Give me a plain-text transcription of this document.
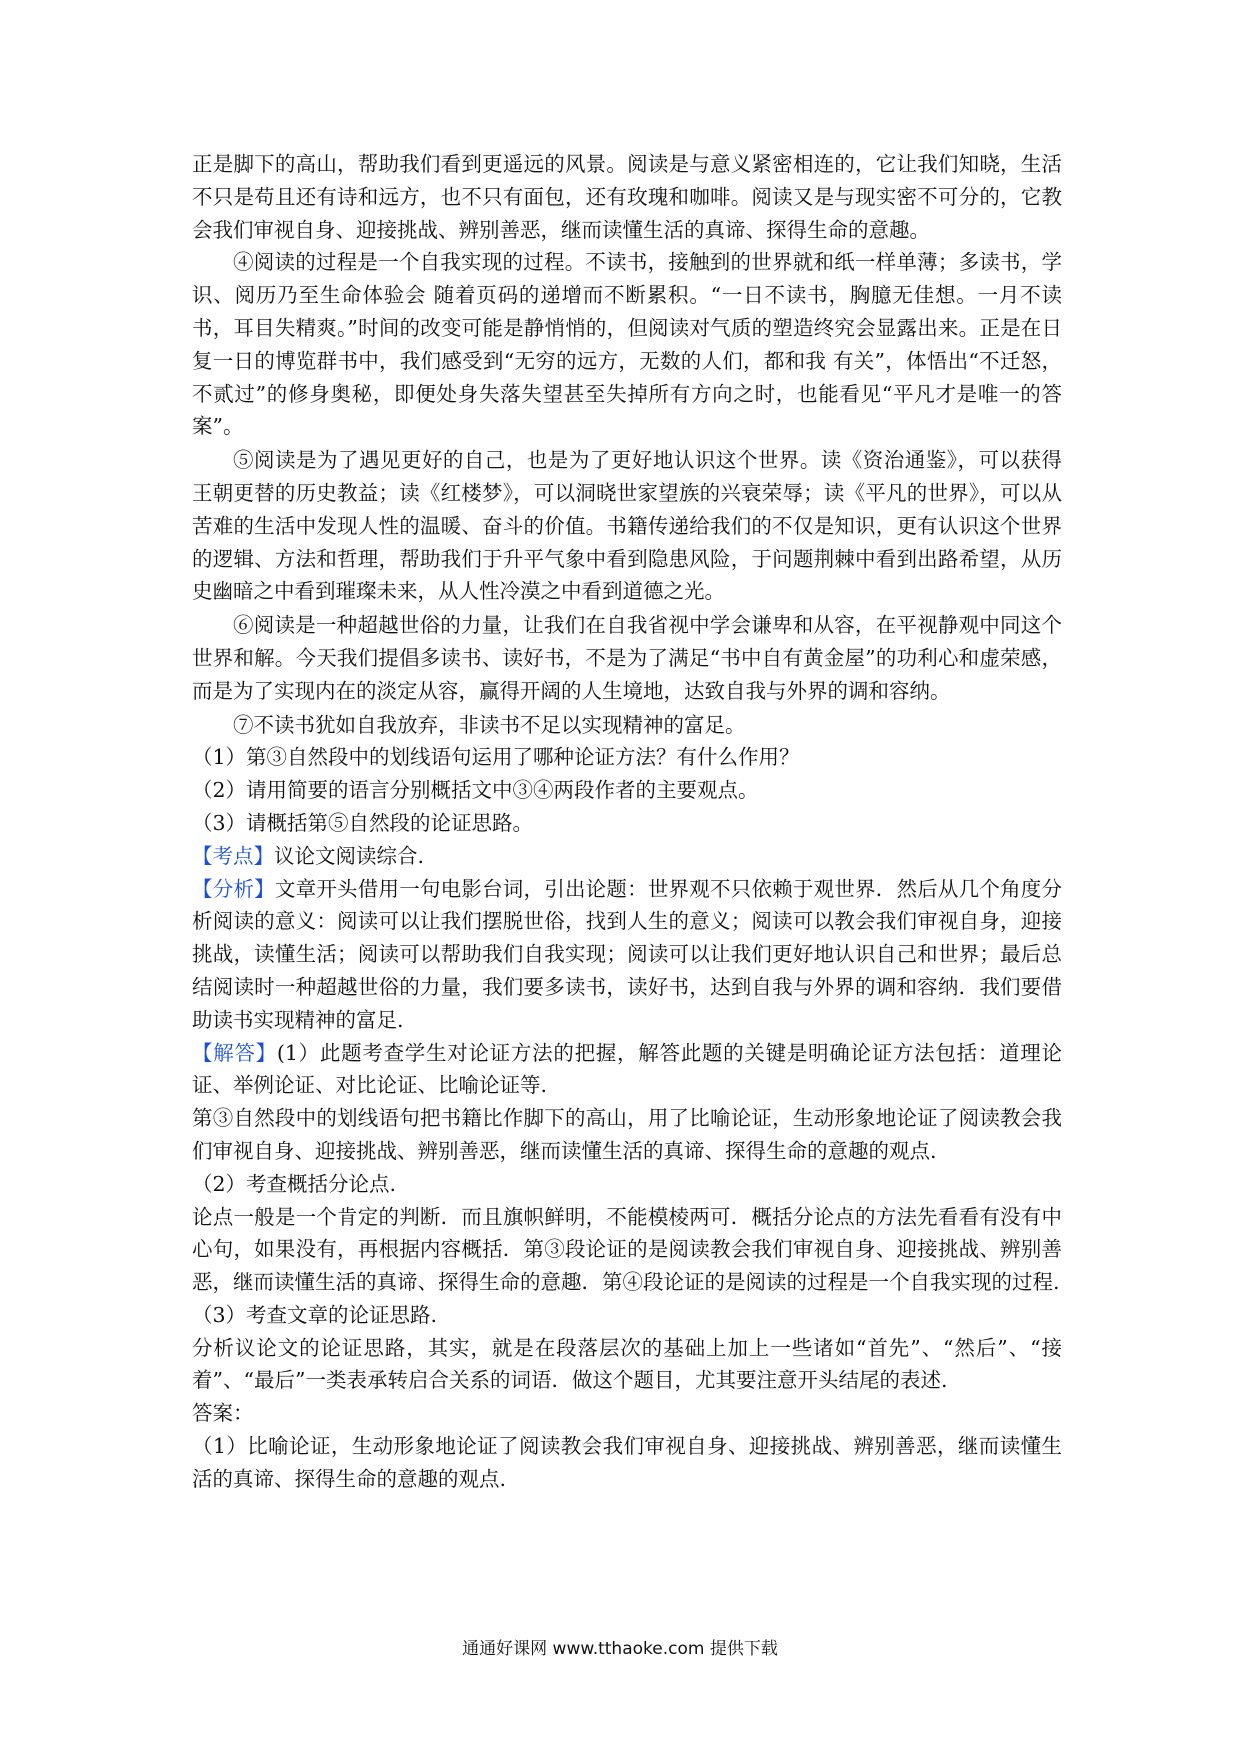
正是脚下的高山，帮助我们看到更遥远的风景。阅读是与意义紧密相连的，它让我们知晓，生活不只是苟且还有诗和远方，也不只有面包，还有玫瑰和咖啡。阅读又是与现实密不可分的，它教会我们审视自身、迎接挑战、辨别善恶，继而读懂生活的真谛、探得生命的意趣。

④阅读的过程是一个自我实现的过程。不读书，接触到的世界就和纸一样单薄；多读书，学识、阅历乃至生命体验会 随着页码的递增而不断累积。“一日不读书，胸臆无佳想。一月不读书，耳目失精爽。”时间的改变可能是静悄悄的，但阅读对气质的塑造终究会显露出来。正是在日复一日的博览群书中，我们感受到“无穷的远方，无数的人们，都和我 有关”，体悟出“不迁怒，不贰过”的修身奥秘，即便处身失落失望甚至失掉所有方向之时，也能看见“平凡才是唯一的答案”。

⑤阅读是为了遇见更好的自己，也是为了更好地认识这个世界。读《资治通鉴》，可以获得王朝更替的历史教益；读《红楼梦》，可以洞晓世家望族的兴衰荣辱；读《平凡的世界》，可以从苦难的生活中发现人性的温暖、奋斗的价值。书籍传递给我们的不仅是知识，更有认识这个世界的逻辑、方法和哲理，帮助我们于升平气象中看到隐患风险，于问题荆棘中看到出路希望，从历史幽暗之中看到璀璨未来，从人性冷漠之中看到道德之光。

⑥阅读是一种超越世俗的力量，让我们在自我省视中学会谦卑和从容，在平视静观中同这个世界和解。今天我们提倡多读书、读好书，不是为了满足“书中自有黄金屋”的功利心和虚荣感，而是为了实现内在的淡定从容，赢得开阔的人生境地，达致自我与外界的调和容纳。

⑦不读书犹如自我放弃，非读书不足以实现精神的富足。

（1）第③自然段中的划线语句运用了哪种论证方法？有什么作用？

（2）请用简要的语言分别概括文中③④两段作者的主要观点。

（3）请概括第⑤自然段的论证思路。

【考点】议论文阅读综合.

【分析】文章开头借用一句电影台词，引出论题：世界观不只依赖于观世界．然后从几个角度分析阅读的意义：阅读可以让我们摆脱世俗，找到人生的意义；阅读可以教会我们审视自身，迎接挑战，读懂生活；阅读可以帮助我们自我实现；阅读可以让我们更好地认识自己和世界；最后总结阅读时一种超越世俗的力量，我们要多读书，读好书，达到自我与外界的调和容纳．我们要借助读书实现精神的富足.

【解答】(1）此题考查学生对论证方法的把握，解答此题的关键是明确论证方法包括：道理论证、举例论证、对比论证、比喻论证等.

第③自然段中的划线语句把书籍比作脚下的高山，用了比喻论证，生动形象地论证了阅读教会我们审视自身、迎接挑战、辨别善恶，继而读懂生活的真谛、探得生命的意趣的观点.

（2）考查概括分论点.

论点一般是一个肯定的判断．而且旗帜鲜明，不能模棱两可．概括分论点的方法先看看有没有中心句，如果没有，再根据内容概括．第③段论证的是阅读教会我们审视自身、迎接挑战、辨别善恶，继而读懂生活的真谛、探得生命的意趣．第④段论证的是阅读的过程是一个自我实现的过程.

（3）考查文章的论证思路.

分析议论文的论证思路，其实，就是在段落层次的基础上加上一些诸如“首先”、“然后”、“接着”、“最后”一类表承转启合关系的词语．做这个题目，尤其要注意开头结尾的表述.

答案：

（1）比喻论证，生动形象地论证了阅读教会我们审视自身、迎接挑战、辨别善恶，继而读懂生活的真谛、探得生命的意趣的观点.

通通好课网 www.tthaoke.com 提供下载
